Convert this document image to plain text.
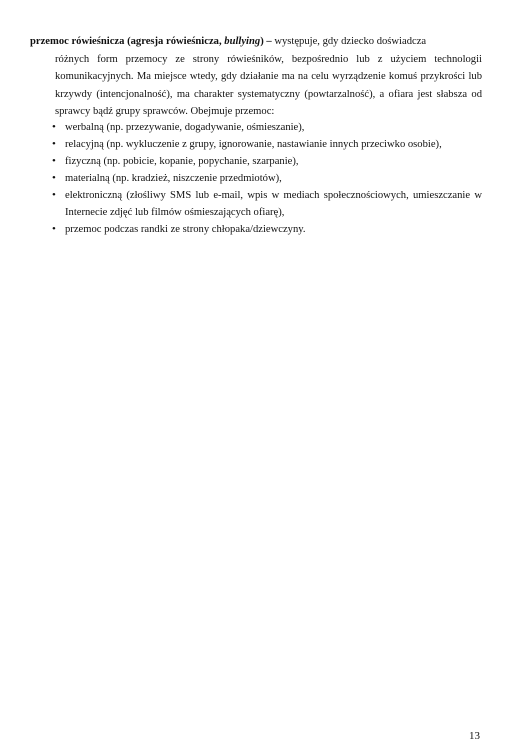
przemoc rówieśnicza (agresja rówieśnicza, bullying) – występuje, gdy dziecko doświadcza
różnych form przemocy ze strony rówieśników, bezpośrednio lub z użyciem technologii komunikacyjnych. Ma miejsce wtedy, gdy działanie ma na celu wyrządzenie komuś przykrości lub krzywdy (intencjonalność), ma charakter systematyczny (powtarzalność), a ofiara jest słabsza od sprawcy bądź grupy sprawców. Obejmuje przemoc:
• werbalną (np. przezywanie, dogadywanie, ośmieszanie),
• relacyjną (np. wykluczenie z grupy, ignorowanie, nastawianie innych przeciwko osobie),
• fizyczną (np. pobicie, kopanie, popychanie, szarpanie),
• materialną (np. kradzież, niszczenie przedmiotów),
• elektroniczną (złośliwy SMS lub e-mail, wpis w mediach społecznościowych, umieszczanie w Internecie zdjęć lub filmów ośmieszających ofiarę),
• przemoc podczas randki ze strony chłopaka/dziewczyny.
13
